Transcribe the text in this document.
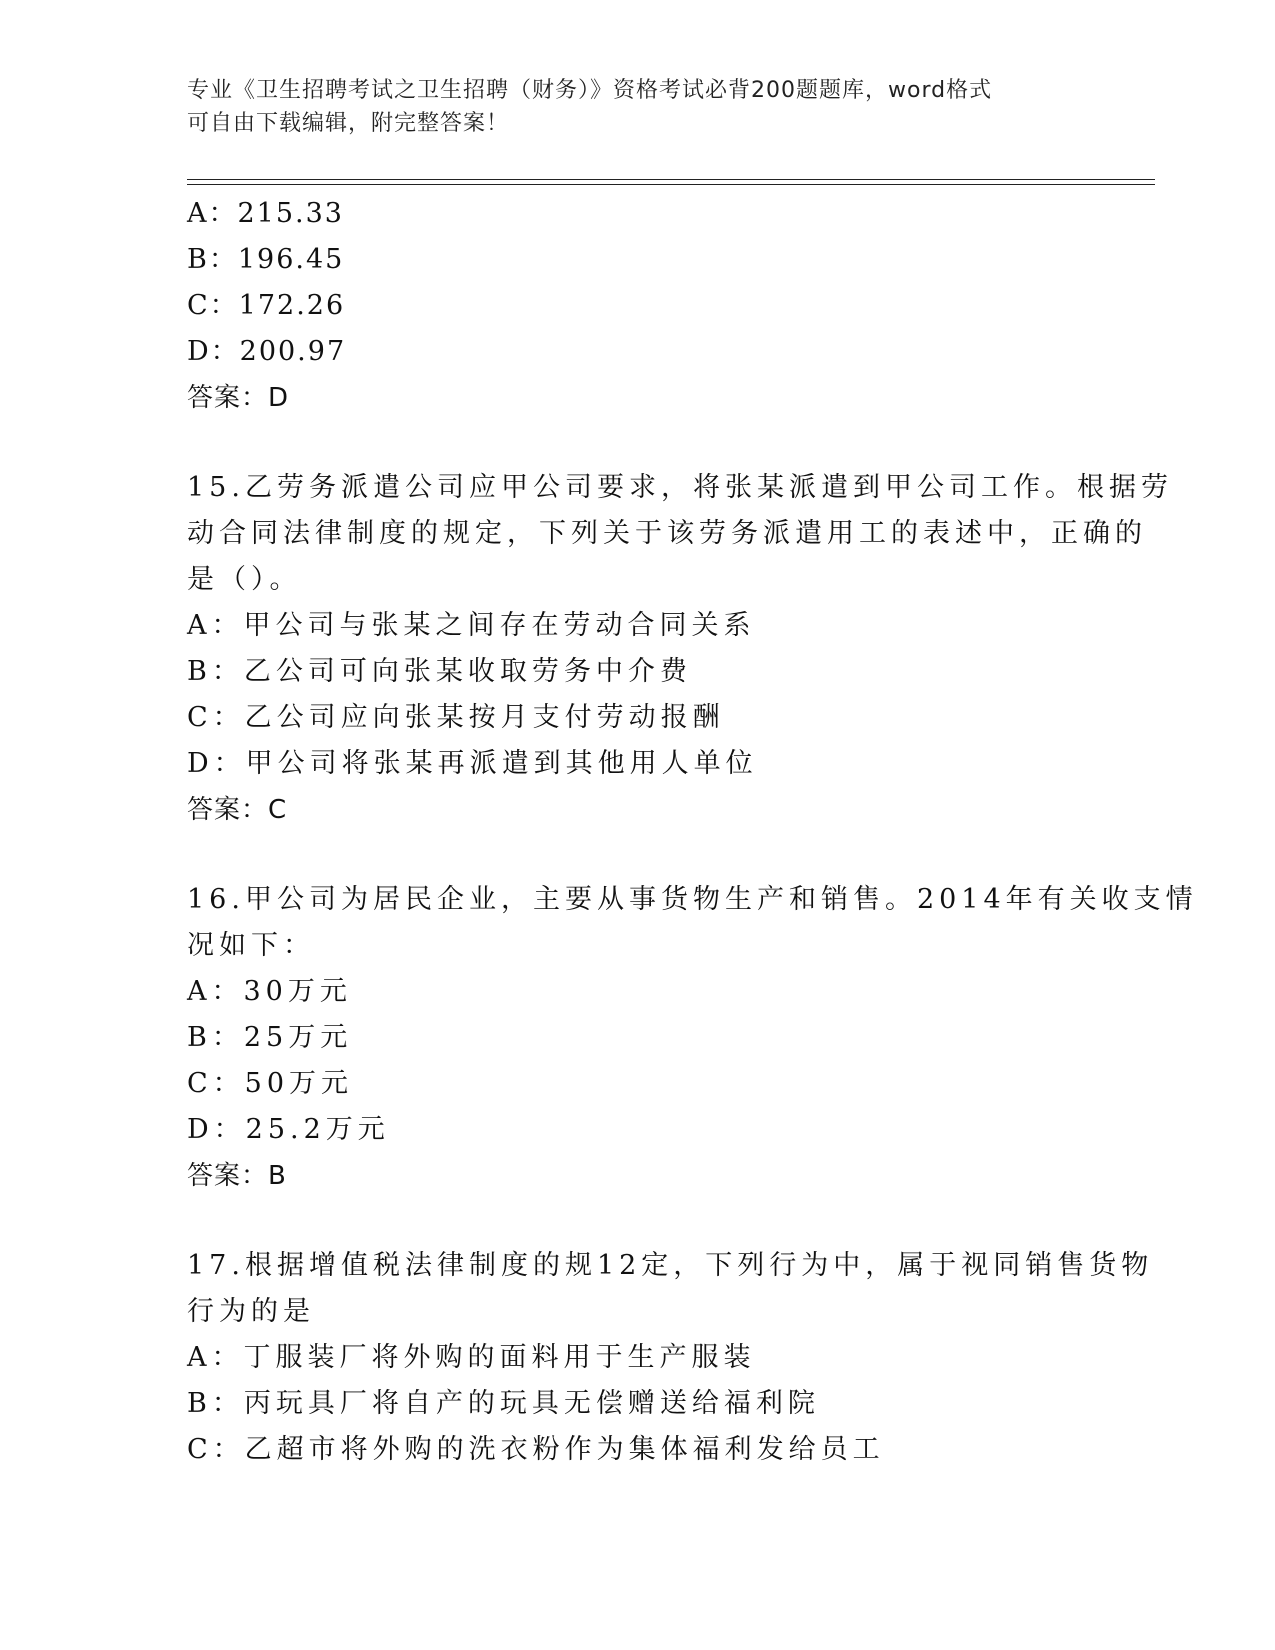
专业《卫生招聘考试之卫生招聘（财务）》资格考试必背200题题库，word格式
可自由下载编辑，附完整答案！
A：215.33
B：196.45
C：172.26
D：200.97
答案：D
15.乙劳务派遣公司应甲公司要求，将张某派遣到甲公司工作。根据劳
动合同法律制度的规定，下列关于该劳务派遣用工的表述中，正确的
是（）。
A：甲公司与张某之间存在劳动合同关系
B：乙公司可向张某收取劳务中介费
C：乙公司应向张某按月支付劳动报酬
D：甲公司将张某再派遣到其他用人单位
答案：C
16.甲公司为居民企业，主要从事货物生产和销售。2014年有关收支情
况如下：
A：30万元
B：25万元
C：50万元
D：25.2万元
答案：B
17.根据增值税法律制度的规12定，下列行为中，属于视同销售货物
行为的是
A：丁服装厂将外购的面料用于生产服装
B：丙玩具厂将自产的玩具无偿赠送给福利院
C：乙超市将外购的洗衣粉作为集体福利发给员工
